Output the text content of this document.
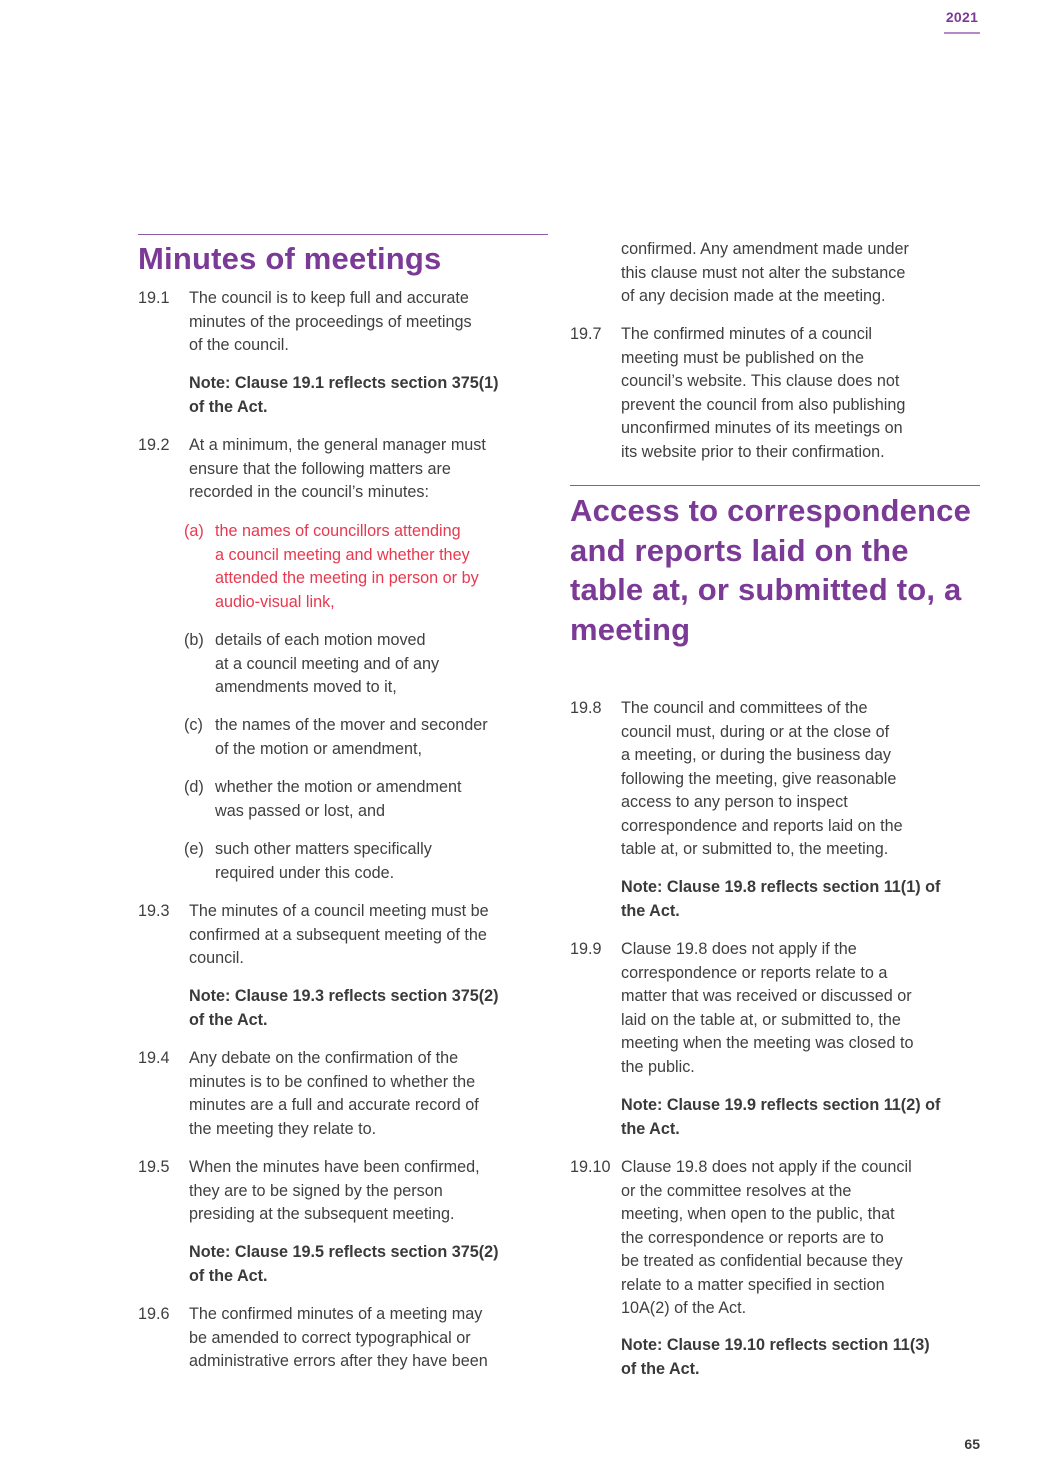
2021
Minutes of meetings
19.1	The council is to keep full and accurate
minutes of the proceedings of meetings
of the council.
Note: Clause 19.1 reflects section 375(1)
of the Act.
19.2	At a minimum, the general manager must
ensure that the following matters are
recorded in the council’s minutes:
(a) the names of councillors attending
a council meeting and whether they
attended the meeting in person or by
audio-visual link,
(b) details of each motion moved
at a council meeting and of any
amendments moved to it,
(c) the names of the mover and seconder
of the motion or amendment,
(d) whether the motion or amendment
was passed or lost, and
(e) such other matters specifically
required under this code.
19.3	The minutes of a council meeting must be
confirmed at a subsequent meeting of the
council.
Note: Clause 19.3 reflects section 375(2)
of the Act.
19.4	Any debate on the confirmation of the
minutes is to be confined to whether the
minutes are a full and accurate record of
the meeting they relate to.
19.5	When the minutes have been confirmed,
they are to be signed by the person
presiding at the subsequent meeting.
Note: Clause 19.5 reflects section 375(2)
of the Act.
19.6	The confirmed minutes of a meeting may
be amended to correct typographical or
administrative errors after they have been
confirmed. Any amendment made under
this clause must not alter the substance
of any decision made at the meeting.
19.7	The confirmed minutes of a council
meeting must be published on the
council’s website. This clause does not
prevent the council from also publishing
unconfirmed minutes of its meetings on
its website prior to their confirmation.
Access to correspondence and reports laid on the table at, or submitted to, a meeting
19.8	The council and committees of the
council must, during or at the close of
a meeting, or during the business day
following the meeting, give reasonable
access to any person to inspect
correspondence and reports laid on the
table at, or submitted to, the meeting.
Note: Clause 19.8 reflects section 11(1) of
the Act.
19.9	Clause 19.8 does not apply if the
correspondence or reports relate to a
matter that was received or discussed or
laid on the table at, or submitted to, the
meeting when the meeting was closed to
the public.
Note: Clause 19.9 reflects section 11(2) of
the Act.
19.10 Clause 19.8 does not apply if the council
or the committee resolves at the
meeting, when open to the public, that
the correspondence or reports are to
be treated as confidential because they
relate to a matter specified in section
10A(2) of the Act.
Note: Clause 19.10 reflects section 11(3)
of the Act.
65
